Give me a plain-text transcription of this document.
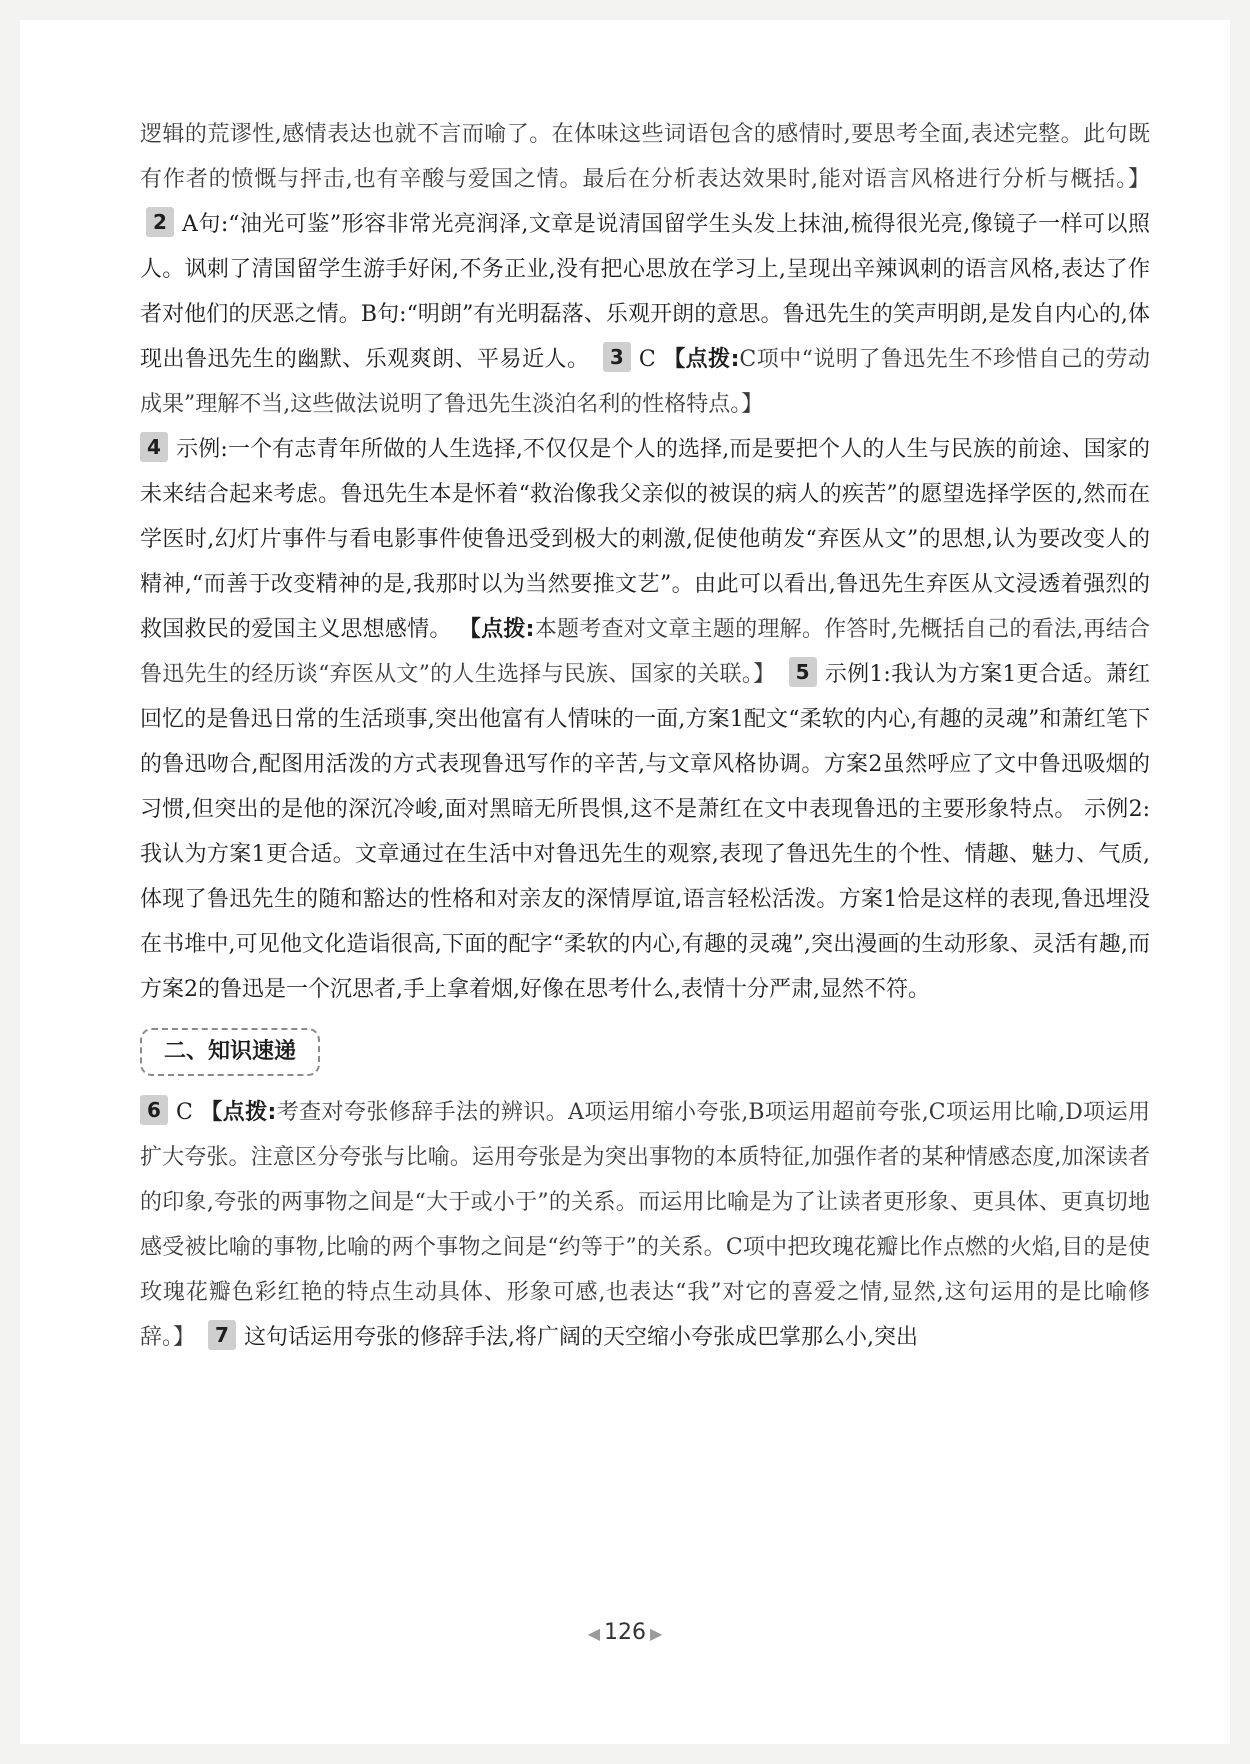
逻辑的荒谬性,感情表达也就不言而喻了。在体味这些词语包含的感情时,要思考全面,表述完整。此句既有作者的愤慨与抨击,也有辛酸与爱国之情。最后在分析表达效果时,能对语言风格进行分析与概括。】 2 A句:“油光可鉴”形容非常光亮润泽,文章是说清国留学生头发上抹油,梳得很光亮,像镜子一样可以照人。讽刺了清国留学生游手好闲,不务正业,没有把心思放在学习上,呈现出辛辣讽刺的语言风格,表达了作者对他们的厌恶之情。B句:“明朗”有光明磊落、乐观开朗的意思。鲁迅先生的笑声明朗,是发自内心的,体现出鲁迅先生的幽默、乐观爽朗、平易近人。 3 C 【点拨:C项中“说明了鲁迅先生不珍惜自己的劳动成果”理解不当,这些做法说明了鲁迅先生淡泊名利的性格特点。】

4 示例:一个有志青年所做的人生选择,不仅仅是个人的选择,而是要把个人的人生与民族的前途、国家的未来结合起来考虑。鲁迅先生本是怀着“救治像我父亲似的被误的病人的疾苦”的愿望选择学医的,然而在学医时,幻灯片事件与看电影事件使鲁迅受到极大的刺激,促使他萌发“弃医从文”的思想,认为要改变人的精神,“而善于改变精神的是,我那时以为当然要推文艺”。由此可以看出,鲁迅先生弃医从文浸透着强烈的救国救民的爱国主义思想感情。 【点拨:本题考查对文章主题的理解。作答时,先概括自己的看法,再结合鲁迅先生的经历谈“弃医从文”的人生选择与民族、国家的关联。】 5 示例1:我认为方案1更合适。萧红回忆的是鲁迅日常的生活琐事,突出他富有人情味的一面,方案1配文“柔软的内心,有趣的灵魂”和萧红笔下的鲁迅吻合,配图用活泼的方式表现鲁迅写作的辛苦,与文章风格协调。方案2虽然呼应了文中鲁迅吸烟的习惯,但突出的是他的深沉冷峻,面对黑暗无所畏惧,这不是萧红在文中表现鲁迅的主要形象特点。 示例2:我认为方案1更合适。文章通过在生活中对鲁迅先生的观察,表现了鲁迅先生的个性、情趣、魅力、气质,体现了鲁迅先生的随和豁达的性格和对亲友的深情厚谊,语言轻松活泼。方案1恰是这样的表现,鲁迅埋没在书堆中,可见他文化造诣很高,下面的配字“柔软的内心,有趣的灵魂”,突出漫画的生动形象、灵活有趣,而方案2的鲁迅是一个沉思者,手上拿着烟,好像在思考什么,表情十分严肃,显然不符。

二、知识速递

6 C 【点拨:考查对夸张修辞手法的辨识。A项运用缩小夸张,B项运用超前夸张,C项运用比喻,D项运用扩大夸张。注意区分夸张与比喻。运用夸张是为突出事物的本质特征,加强作者的某种情感态度,加深读者的印象,夸张的两事物之间是“大于或小于”的关系。而运用比喻是为了让读者更形象、更具体、更真切地感受被比喻的事物,比喻的两个事物之间是“约等于”的关系。C项中把玫瑰花瓣比作点燃的火焰,目的是使玫瑰花瓣色彩红艳的特点生动具体、形象可感,也表达“我”对它的喜爱之情,显然,这句运用的是比喻修辞。】 7 这句话运用夸张的修辞手法,将广阔的天空缩小夸张成巴掌那么小,突出

◀ 126 ▶
